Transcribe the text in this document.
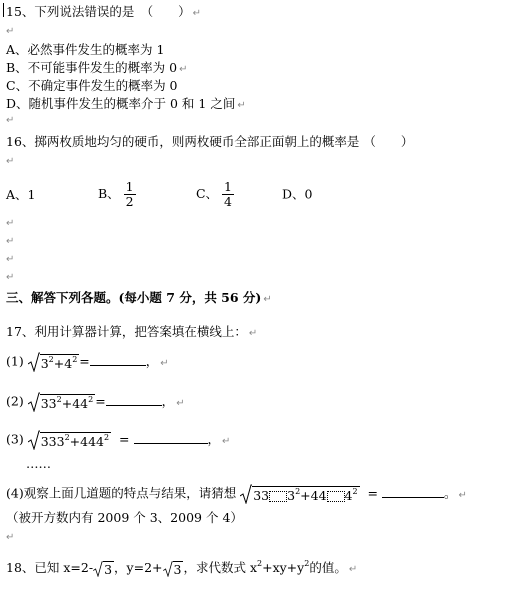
15、下列说法错误的是　（　　） ↵
↵
A、必然事件发生的概率为 1
B、不可能事件发生的概率为 0 ↵
C、不确定事件发生的概率为 0
D、随机事件发生的概率介于 0 和 1 之间 ↵
↵
16、掷两枚质地均匀的硬币，则两枚硬币全部正面朝上的概率是 （　　）
↵
A、1	B、 $\frac{1}{2}$	C、 $\frac{1}{4}$	D、0
↵
↵
↵
↵
三、解答下列各题。(每小题 7 分，共 56 分) ↵
17、利用计算器计算，把答案填在横线上： ↵
(1) $3^2+4^2$ =	， ↵
(2) $33^2+44^2$ =	， ↵
(3) $333^2+444^2$ =	， ↵
……
(4)观察上面几道题的特点与结果，请猜想 33 $3^2+44$ $4^2$ =	。 ↵
（被开方数内有 2009 个 3、2009 个 4）
↵
18、已知 x=2- 3 ，y=2+ 3 ，求代数式 $x^2+xy+y^2$的值。 ↵
